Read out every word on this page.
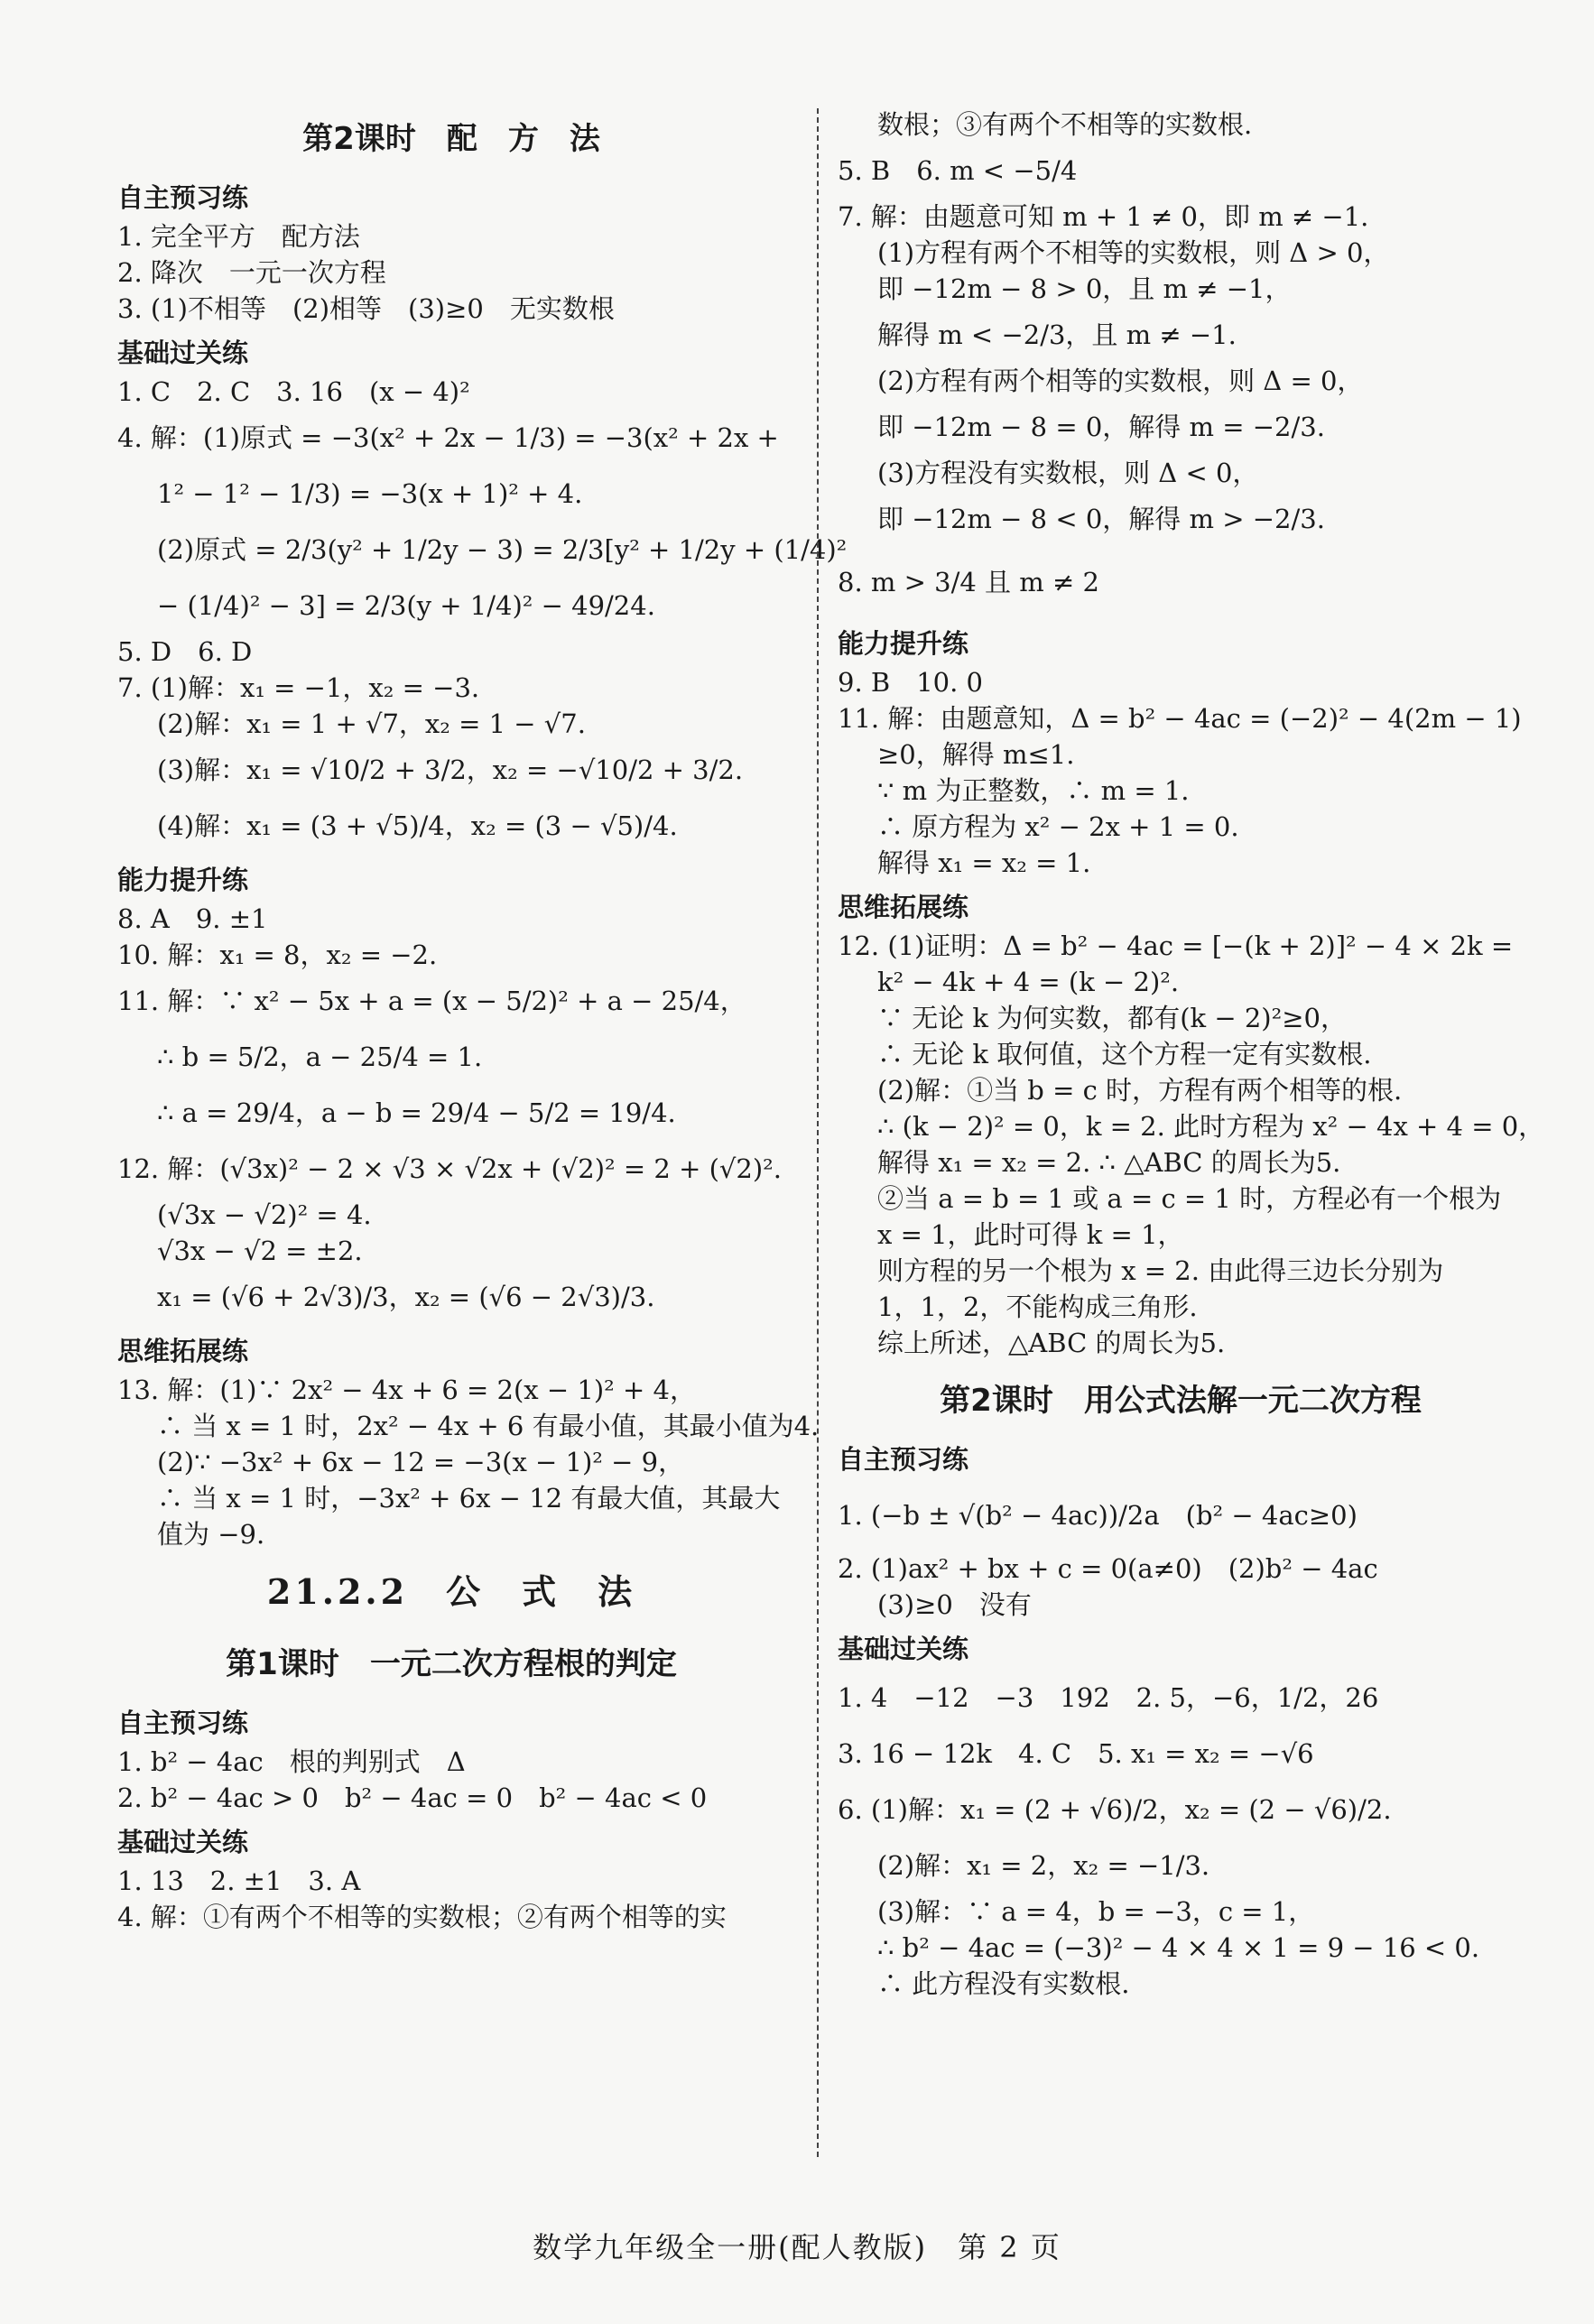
第2课时　配　方　法
自主预习练
1. 完全平方　配方法
2. 降次　一元一次方程
3. (1)不相等　(2)相等　(3)≥0　无实数根
基础过关练
1. C　2. C　3. 16　(x − 4)²
4. 解：(1)原式 = −3(x² + 2x − 1/3) = −3(x² + 2x +
1² − 1² − 1/3) = −3(x + 1)² + 4.
(2)原式 = 2/3(y² + 1/2y − 3) = 2/3[y² + 1/2y + (1/4)²
− (1/4)² − 3] = 2/3(y + 1/4)² − 49/24.
5. D　6. D
7. (1)解：x₁ = −1，x₂ = −3.
(2)解：x₁ = 1 + √7，x₂ = 1 − √7.
(3)解：x₁ = √10/2 + 3/2，x₂ = −√10/2 + 3/2.
(4)解：x₁ = (3 + √5)/4，x₂ = (3 − √5)/4.
能力提升练
8. A　9. ±1
10. 解：x₁ = 8，x₂ = −2.
11. 解：∵ x² − 5x + a = (x − 5/2)² + a − 25/4，
∴ b = 5/2，a − 25/4 = 1.
∴ a = 29/4，a − b = 29/4 − 5/2 = 19/4.
12. 解：(√3x)² − 2 × √3 × √2x + (√2)² = 2 + (√2)².
(√3x − √2)² = 4.
√3x − √2 = ±2.
x₁ = (√6 + 2√3)/3，x₂ = (√6 − 2√3)/3.
思维拓展练
13. 解：(1)∵ 2x² − 4x + 6 = 2(x − 1)² + 4，
∴ 当 x = 1 时，2x² − 4x + 6 有最小值，其最小值为4.
(2)∵ −3x² + 6x − 12 = −3(x − 1)² − 9，
∴ 当 x = 1 时，−3x² + 6x − 12 有最大值，其最大
值为 −9.
21.2.2　公　式　法
第1课时　一元二次方程根的判定
自主预习练
1. b² − 4ac　根的判别式　Δ
2. b² − 4ac > 0　b² − 4ac = 0　b² − 4ac < 0
基础过关练
1. 13　2. ±1　3. A
4. 解：①有两个不相等的实数根；②有两个相等的实
数根；③有两个不相等的实数根.
5. B　6. m < −5/4
7. 解：由题意可知 m + 1 ≠ 0，即 m ≠ −1.
(1)方程有两个不相等的实数根，则 Δ > 0，
即 −12m − 8 > 0，且 m ≠ −1，
解得 m < −2/3，且 m ≠ −1.
(2)方程有两个相等的实数根，则 Δ = 0，
即 −12m − 8 = 0，解得 m = −2/3.
(3)方程没有实数根，则 Δ < 0，
即 −12m − 8 < 0，解得 m > −2/3.
8. m > 3/4 且 m ≠ 2
能力提升练
9. B　10. 0
11. 解：由题意知，Δ = b² − 4ac = (−2)² − 4(2m − 1)
≥0，解得 m≤1.
∵ m 为正整数，∴ m = 1.
∴ 原方程为 x² − 2x + 1 = 0.
解得 x₁ = x₂ = 1.
思维拓展练
12. (1)证明：Δ = b² − 4ac = [−(k + 2)]² − 4 × 2k =
k² − 4k + 4 = (k − 2)².
∵ 无论 k 为何实数，都有(k − 2)²≥0，
∴ 无论 k 取何值，这个方程一定有实数根.
(2)解：①当 b = c 时，方程有两个相等的根.
∴ (k − 2)² = 0，k = 2. 此时方程为 x² − 4x + 4 = 0，
解得 x₁ = x₂ = 2. ∴ △ABC 的周长为5.
②当 a = b = 1 或 a = c = 1 时，方程必有一个根为
x = 1，此时可得 k = 1，
则方程的另一个根为 x = 2. 由此得三边长分别为
1，1，2，不能构成三角形.
综上所述，△ABC 的周长为5.
第2课时　用公式法解一元二次方程
自主预习练
1. (−b ± √(b² − 4ac))/2a　(b² − 4ac≥0)
2. (1)ax² + bx + c = 0(a≠0)　(2)b² − 4ac
(3)≥0　没有
基础过关练
1. 4　−12　−3　192　2. 5，−6，1/2，26
3. 16 − 12k　4. C　5. x₁ = x₂ = −√6
6. (1)解：x₁ = (2 + √6)/2，x₂ = (2 − √6)/2.
(2)解：x₁ = 2，x₂ = −1/3.
(3)解：∵ a = 4，b = −3，c = 1，
∴ b² − 4ac = (−3)² − 4 × 4 × 1 = 9 − 16 < 0.
∴ 此方程没有实数根.
数学九年级全一册(配人教版)　第 2 页
